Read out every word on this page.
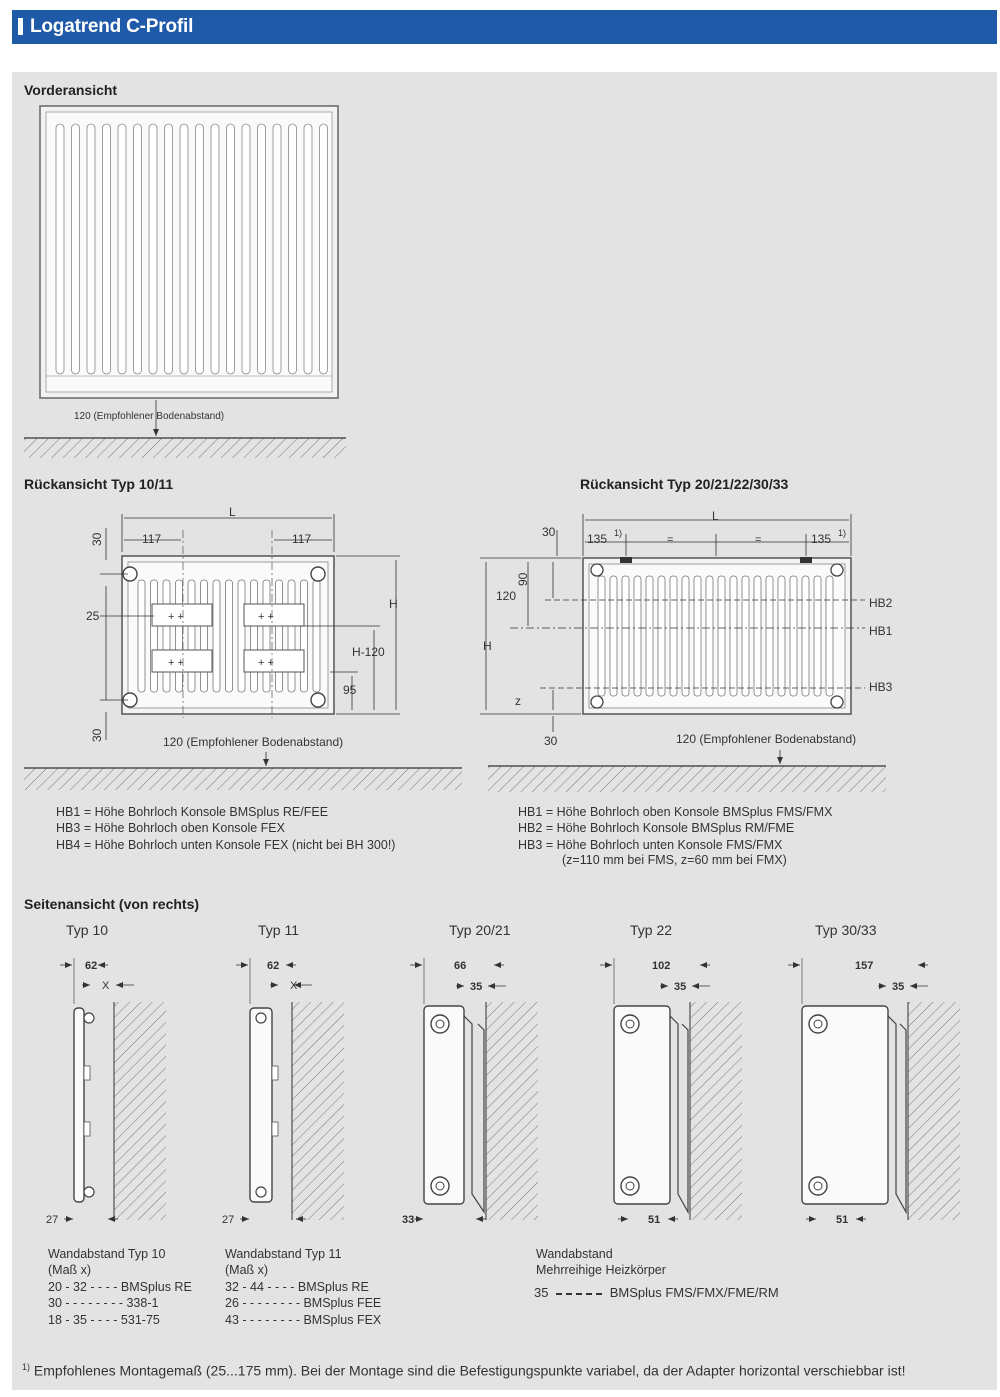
Logatrend C-Profil
Vorderansicht
Rückansicht Typ 10/11	Rückansicht Typ 20/21/22/30/33
Seitenansicht (von rechts)
120 (Empfohlener Bodenabstand)
+ +
+ +
+ +
+ +
L
117	117
30
25
H
H-120
95
30	120 (Empfohlener Bodenabstand)
L
30	135 1)
=	=	135 1)
90
120
H
z
30
HB2
HB1
HB3
120 (Empfohlener Bodenabstand)
62
X
27
62
X
27
66
35
33
102
35
51
157
35
51
HB1 = Höhe Bohrloch Konsole BMSplus RE/FEE
HB3 = Höhe Bohrloch oben Konsole FEX
HB4 = Höhe Bohrloch unten Konsole FEX (nicht bei BH 300!)
HB1 = Höhe Bohrloch oben Konsole BMSplus FMS/FMX
HB2 = Höhe Bohrloch Konsole BMSplus RM/FME
HB3 = Höhe Bohrloch unten Konsole FMS/FMX
(z=110 mm bei FMS, z=60 mm bei FMX)
Typ 10	Typ 11	Typ 20/21	Typ 22	Typ 30/33
Wandabstand Typ 10
(Maß x)
20 - 32 - - - - BMSplus RE
30 - - - - - - - - 338-1
18 - 35 - - - - 531-75
Wandabstand Typ 11
(Maß x)
32 - 44 - - - - BMSplus RE
26 - - - - - - - - BMSplus FEE
43 - - - - - - - - BMSplus FEX
Wandabstand
Mehrreihige Heizkörper
35	BMSplus FMS/FMX/FME/RM
$^{1)}$ Empfohlenes Montagemaß (25...175 mm). Bei der Montage sind die Befestigungspunkte variabel, da der Adapter horizontal verschiebbar ist!
